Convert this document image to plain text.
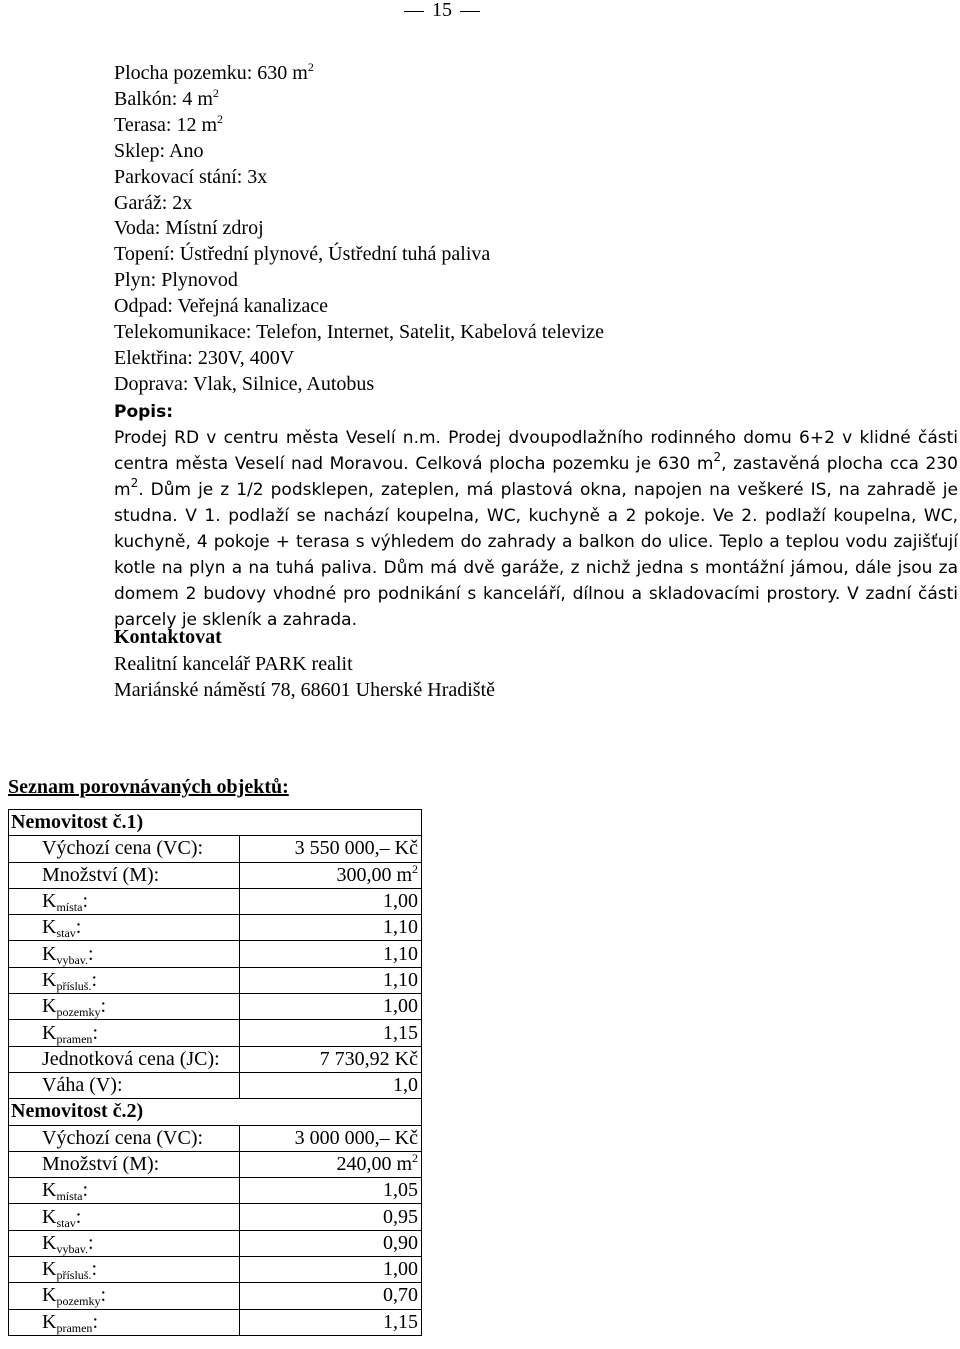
15
Plocha pozemku: 630 $m^2$
Balkón: 4 $m^2$
Terasa: 12 $m^2$
Sklep: Ano
Parkovací stání: 3x
Garáž: 2x
Voda: Místní zdroj
Topení: Ústřední plynové, Ústřední tuhá paliva
Plyn: Plynovod
Odpad: Veřejná kanalizace
Telekomunikace: Telefon, Internet, Satelit, Kabelová televize
Elektřina: 230V, 400V
Doprava: Vlak, Silnice, Autobus
Popis:
Prodej RD v centru města Veselí n.m. Prodej dvoupodlažního rodinného domu 6+2 v klidné části centra města Veselí nad Moravou. Celková plocha pozemku je 630 $m^2$, zastavěná plocha cca 230 $m^2$. Dům je z 1/2 podsklepen, zateplen, má plastová okna, napojen na veškeré IS, na zahradě je studna. V 1. podlaží se nachází koupelna, WC, kuchyně a 2 pokoje. Ve 2. podlaží koupelna, WC, kuchyně, 4 pokoje + terasa s výhledem do zahrady a balkon do ulice. Teplo a teplou vodu zajišťují kotle na plyn a na tuhá paliva. Dům má dvě garáže, z nichž jedna s montážní jámou, dále jsou za domem 2 budovy vhodné pro podnikání s kanceláří, dílnou a skladovacími prostory. V zadní části parcely je skleník a zahrada.
Kontaktovat
Realitní kancelář PARK realit
Mariánské náměstí 78, 68601 Uherské Hradiště
Seznam porovnávaných objektů:
Nemovitost č.1)	
Výchozí cena (VC):	3 550 000,– Kč
Množství (M):	300,00 $m^2$
$K_{místa}$:	1,00
$K_{stav}$:	1,10
$K_{vybav.}$:	1,10
$K_{přísluš.}$:	1,10
$K_{pozemky}$:	1,00
$K_{pramen}$:	1,15
Jednotková cena (JC):	7 730,92 Kč
Váha (V):	1,0
Nemovitost č.2)	
Výchozí cena (VC):	3 000 000,– Kč
Množství (M):	240,00 $m^2$
$K_{místa}$:	1,05
$K_{stav}$:	0,95
$K_{vybav.}$:	0,90
$K_{přísluš.}$:	1,00
$K_{pozemky}$:	0,70
$K_{pramen}$:	1,15
